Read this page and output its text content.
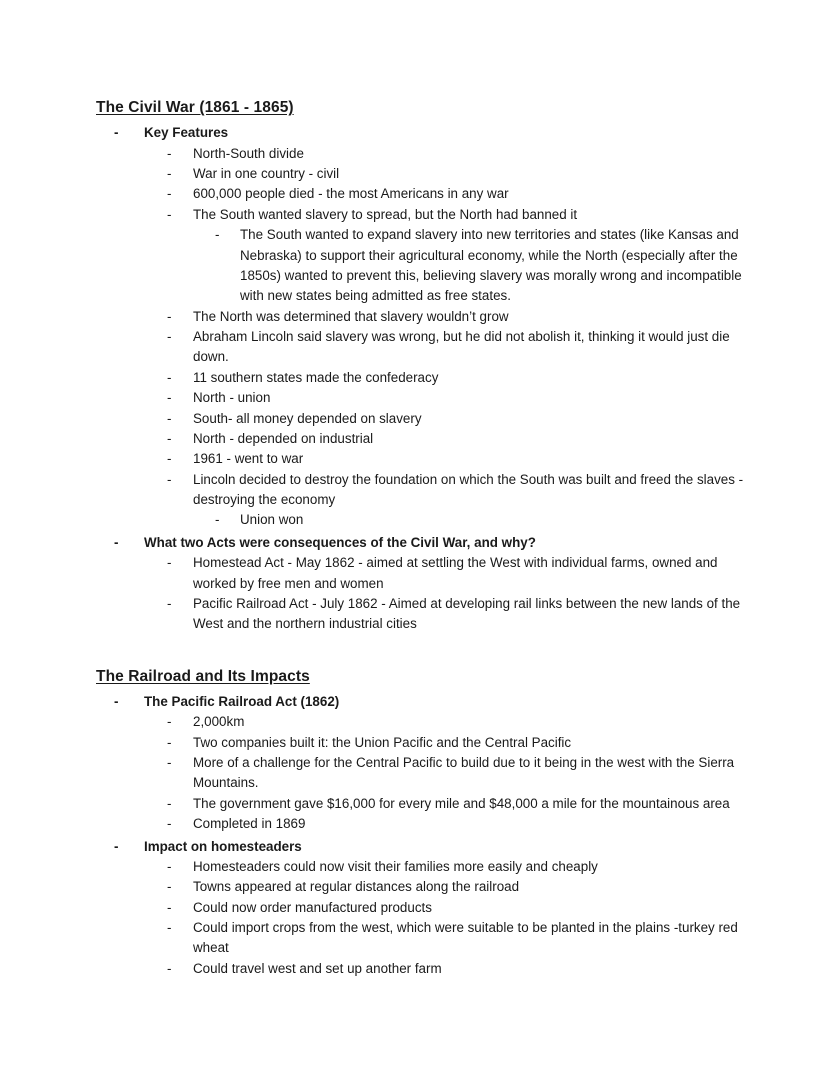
The Civil War (1861 - 1865)
-	Key Features
-	North-South divide
-	War in one country - civil
-	600,000 people died - the most Americans in any war
-	The South wanted slavery to spread, but the North had banned it
-	The South wanted to expand slavery into new territories and states (like Kansas and Nebraska) to support their agricultural economy, while the North (especially after the 1850s) wanted to prevent this, believing slavery was morally wrong and incompatible with new states being admitted as free states.
-	The North was determined that slavery wouldn’t grow
-	Abraham Lincoln said slavery was wrong, but he did not abolish it, thinking it would just die down.
-	11 southern states made the confederacy
-	North - union
-	South- all money depended on slavery
-	North - depended on industrial
-	1961 - went to war
-	Lincoln decided to destroy the foundation on which the South was built and freed the slaves - destroying the economy
-	Union won
-	What two Acts were consequences of the Civil War, and why?
-	Homestead Act - May 1862 - aimed at settling the West with individual farms, owned and worked by free men and women
-	Pacific Railroad Act - July 1862 - Aimed at developing rail links between the new lands of the West and the northern industrial cities
The Railroad and Its Impacts
-	The Pacific Railroad Act (1862)
-	2,000km
-	Two companies built it: the Union Pacific and the Central Pacific
-	More of a challenge for the Central Pacific to build due to it being in the west with the Sierra Mountains.
-	The government gave $16,000 for every mile and $48,000 a mile for the mountainous area
-	Completed in 1869
-	Impact on homesteaders
-	Homesteaders could now visit their families more easily and cheaply
-	Towns appeared at regular distances along the railroad
-	Could now order manufactured products
-	Could import crops from the west, which were suitable to be planted in the plains -turkey red wheat
-	Could travel west and set up another farm
